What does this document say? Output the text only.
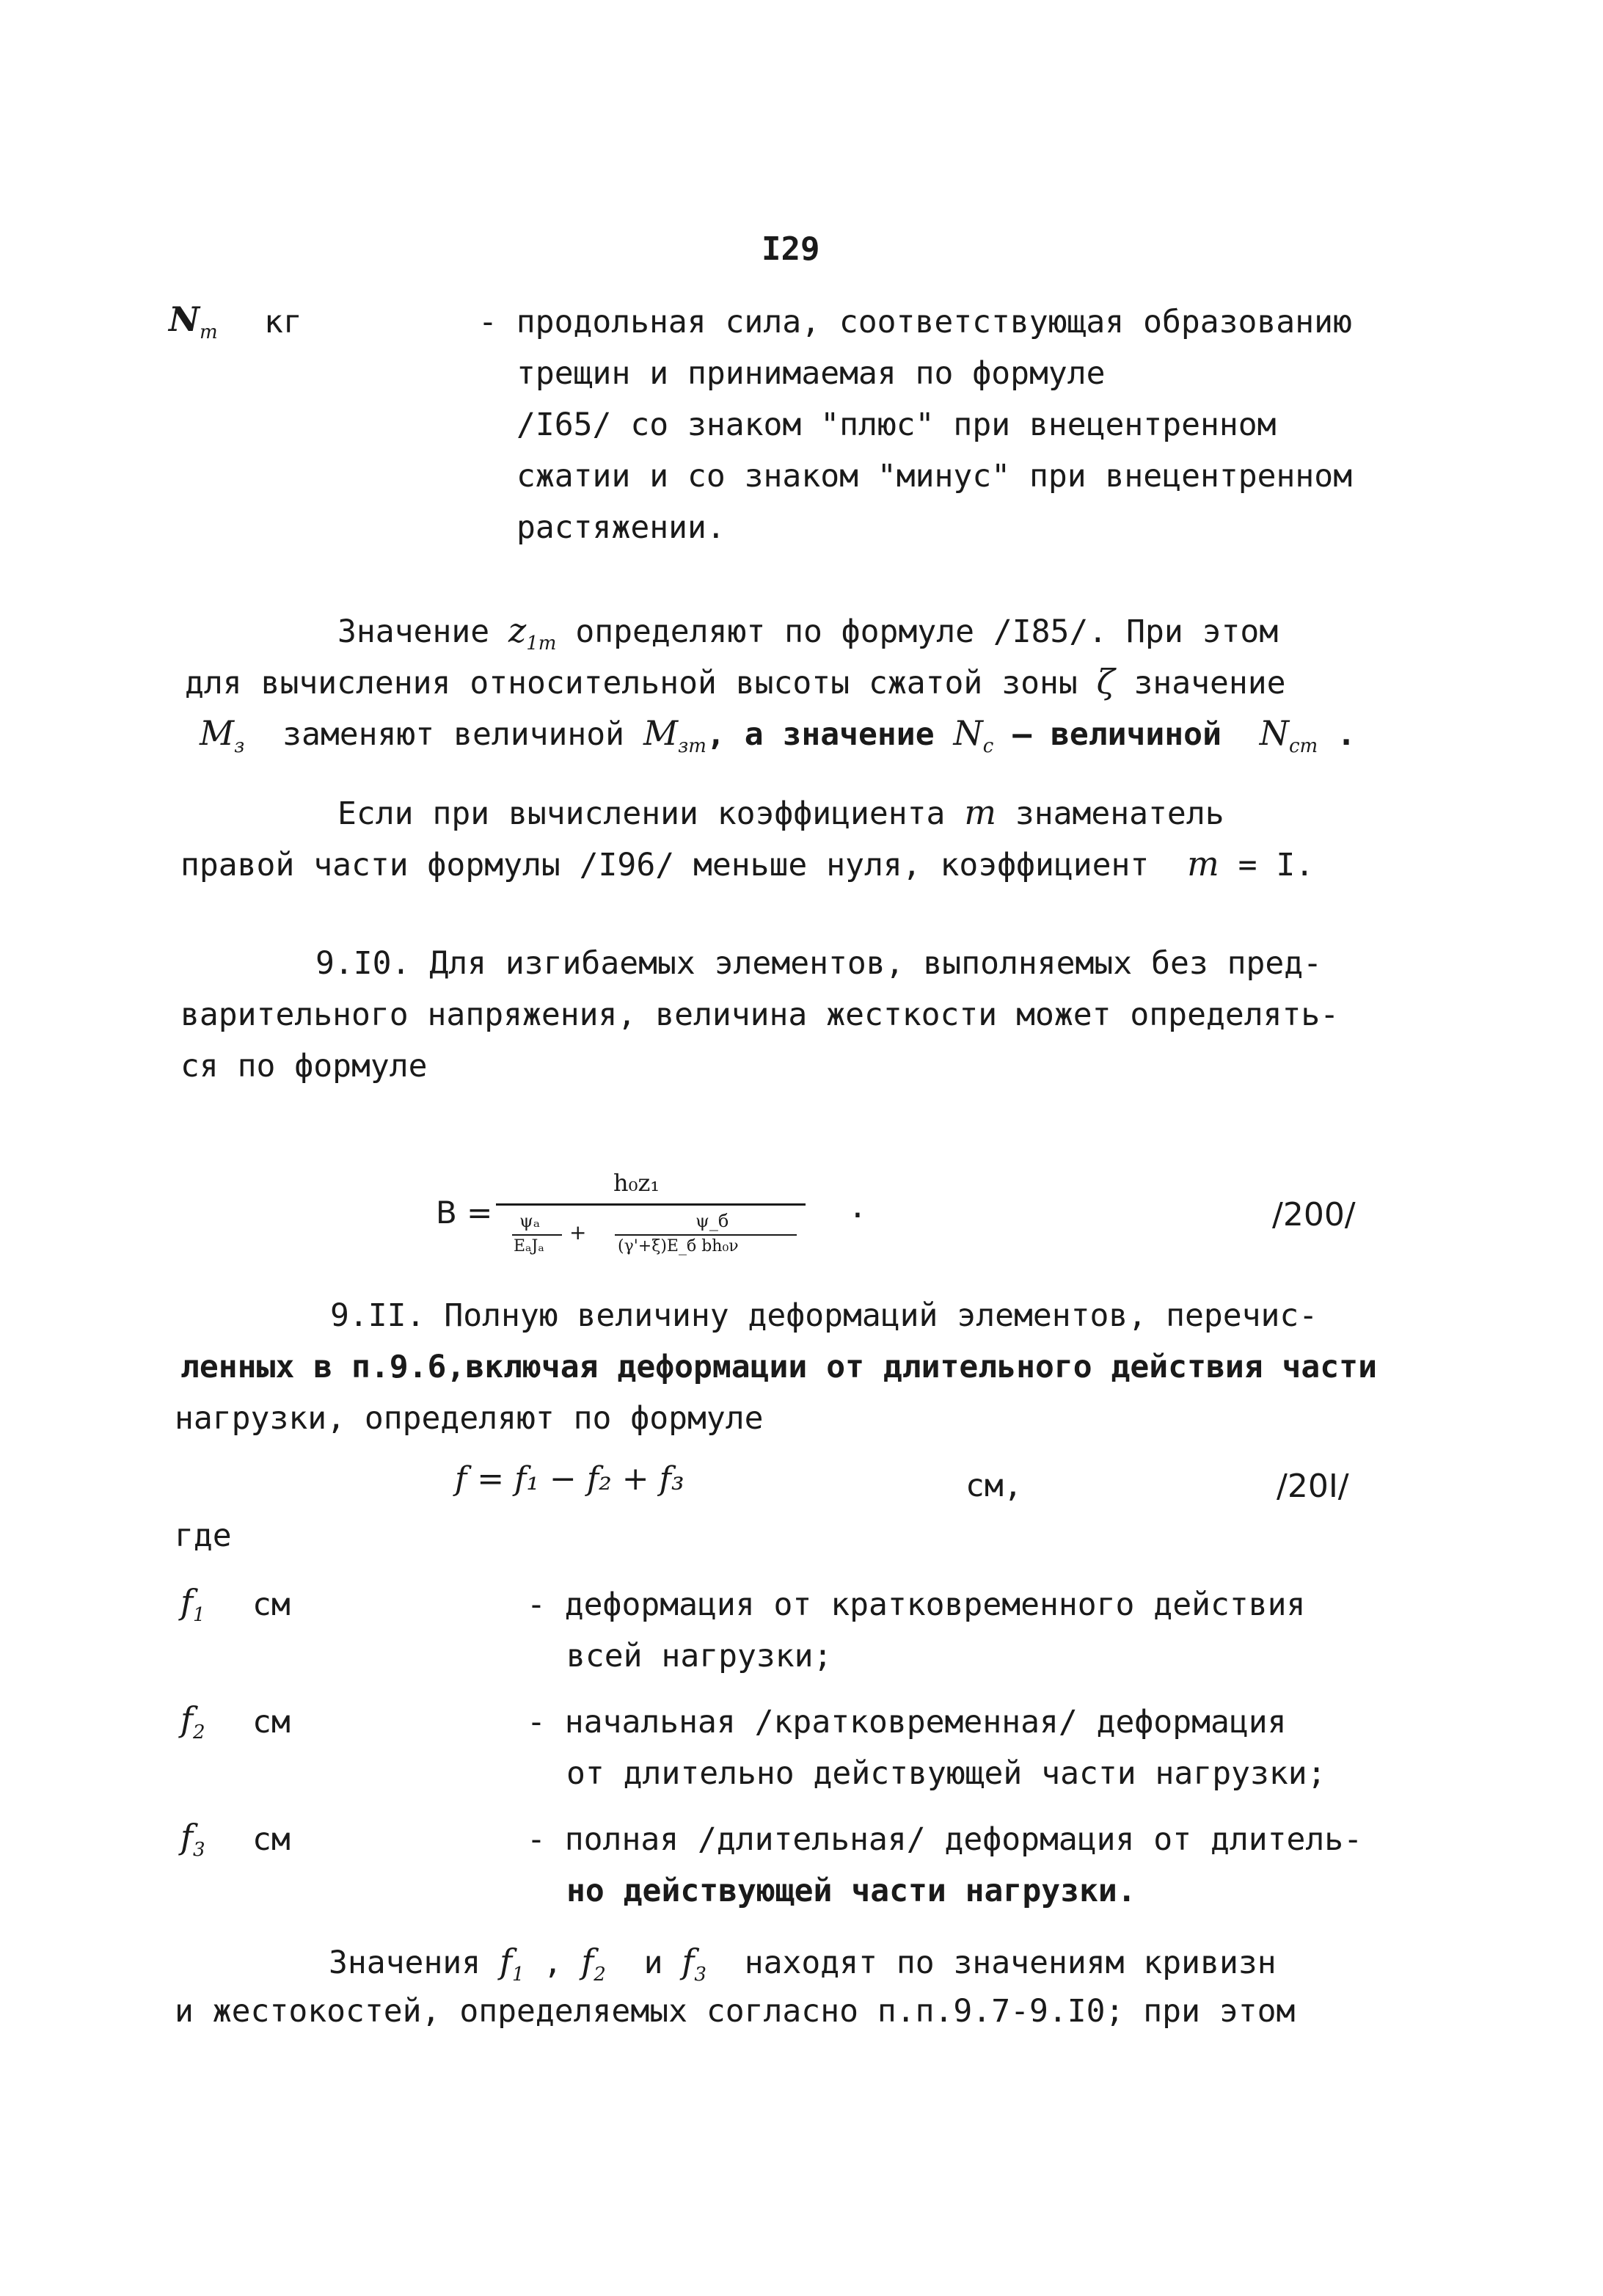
I29
$N_т$ кг	- продольная сила, соответствующая образованию
трещин и принимаемая по формуле
/I65/ со знаком "плюс" при внецентренном
сжатии и со знаком "минус" при внецентренном
растяжении.
Значение $z_{1т}$ определяют по формуле /I85/. При этом
для вычисления относительной высоты сжатой зоны ζ значение
$M_з$ заменяют величиной $M_{зт}$, а значение $N_с$ – величиной $N_{ст}$ .
Если при вычислении коэффициента m знаменатель
правой части формулы /I96/ меньше нуля, коэффициент m = I.
9.I0. Для изгибаемых элементов, выполняемых без пред-
варительного напряжения, величина жесткости может определять-
ся по формуле
B =
h₀z₁
ψₐ
EₐJₐ
+	ψ_б
(γ'+ξ)E_б bh₀ν
.	/200/
9.II. Полную величину деформаций элементов, перечис-
ленных в п.9.6,включая деформации от длительного действия части
нагрузки, определяют по формуле
f = f₁ − f₂ + f₃	см,	/20I/
где
$f_1$ см	- деформация от кратковременного действия
всей нагрузки;
$f_2$ см	- начальная /кратковременная/ деформация
от длительно действующей части нагрузки;
$f_3$ см	- полная /длительная/ деформация от длитель-
но действующей части нагрузки.
Значения $f_1$ , $f_2$ и $f_3$ находят по значениям кривизн
и жестокостей, определяемых согласно п.п.9.7-9.I0; при этом
